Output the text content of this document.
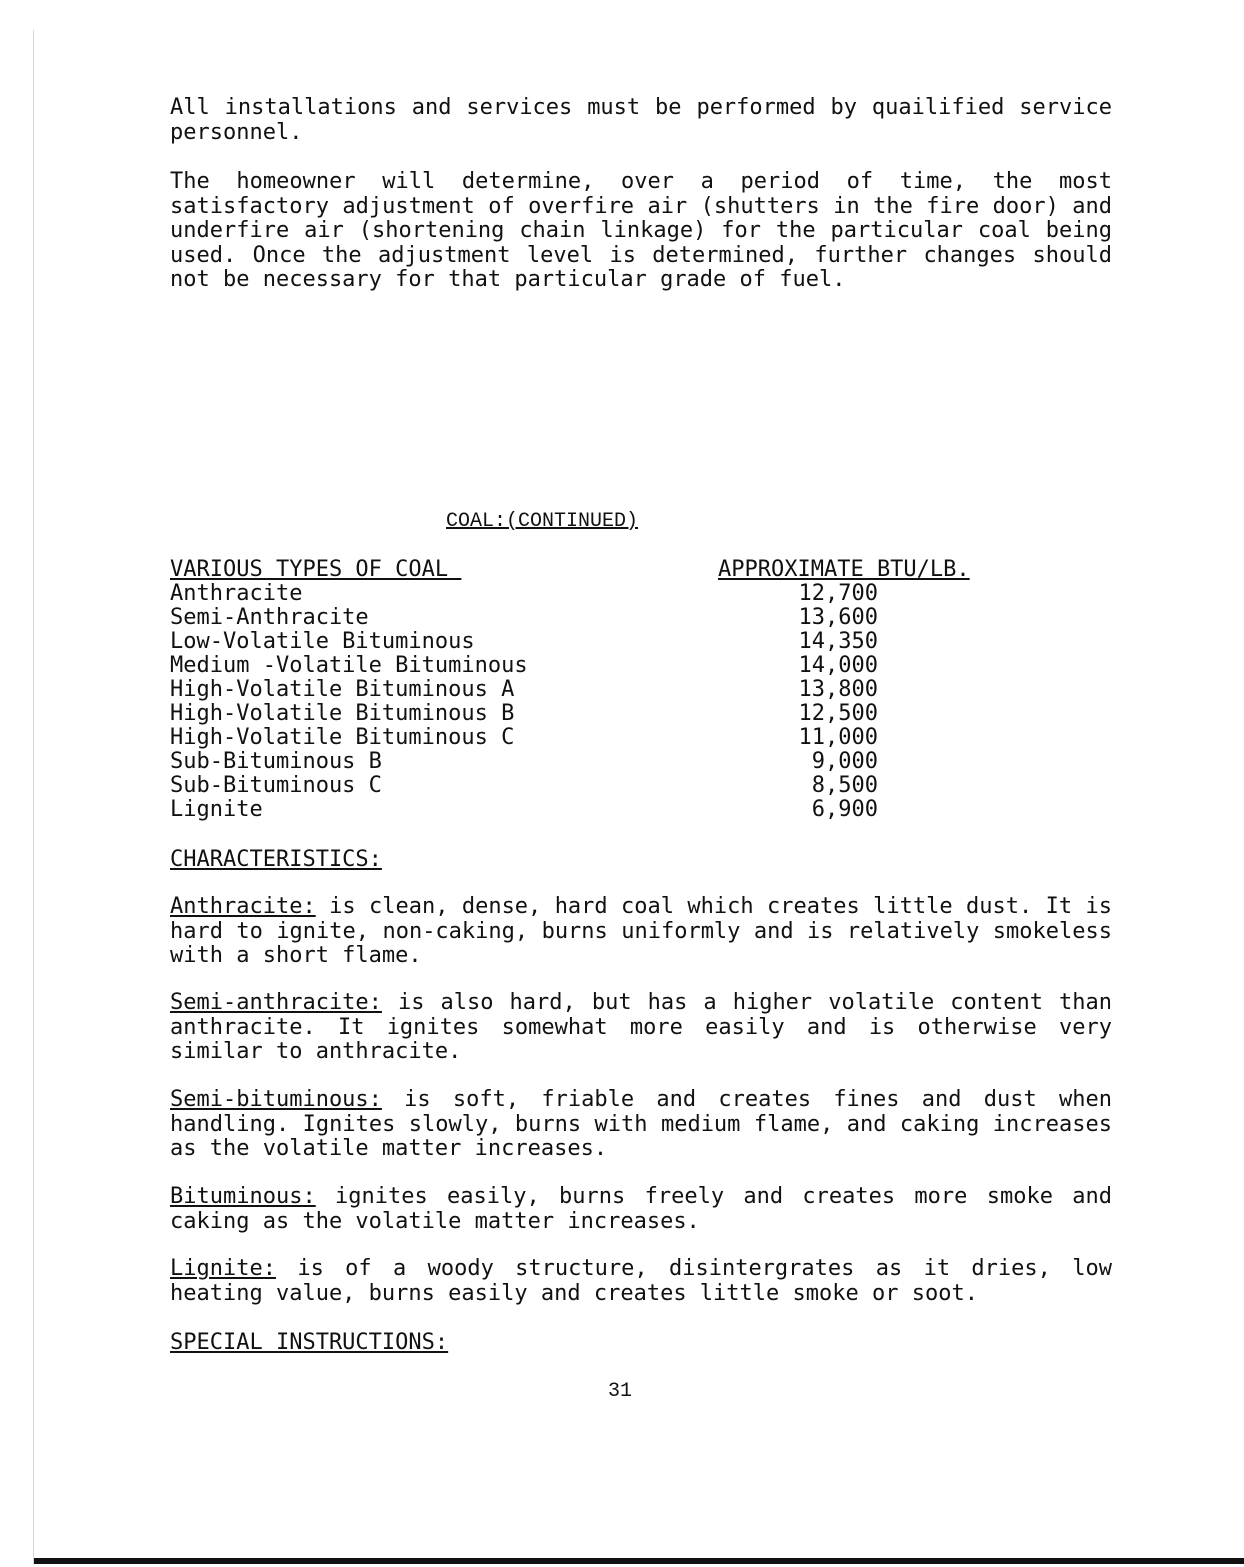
All installations and services must be performed by quailified service personnel.

The homeowner will determine, over a period of time, the most satisfactory adjustment of overfire air (shutters in the fire door) and underfire air (shortening chain linkage) for the particular coal being used. Once the adjustment level is determined, further changes should not be necessary for that particular grade of fuel.

COAL:(CONTINUED)
VARIOUS TYPES OF COAL	APPROXIMATE BTU/LB.
Anthracite	12,700
Semi-Anthracite	13,600
Low-Volatile Bituminous	14,350
Medium -Volatile Bituminous	14,000
High-Volatile Bituminous A	13,800
High-Volatile Bituminous B	12,500
High-Volatile Bituminous C	11,000
Sub-Bituminous B	9,000
Sub-Bituminous C	8,500
Lignite	6,900
CHARACTERISTICS:

Anthracite: is clean, dense, hard coal which creates little dust. It is hard to ignite, non-caking, burns uniformly and is relatively smokeless with a short flame.

Semi-anthracite: is also hard, but has a higher volatile content than anthracite. It ignites somewhat more easily and is otherwise very similar to anthracite.

Semi-bituminous: is soft, friable and creates fines and dust when handling. Ignites slowly, burns with medium flame, and caking increases as the volatile matter increases.

Bituminous: ignites easily, burns freely and creates more smoke and caking as the volatile matter increases.

Lignite: is of a woody structure, disintergrates as it dries, low heating value, burns easily and creates little smoke or soot.

SPECIAL INSTRUCTIONS:
31
